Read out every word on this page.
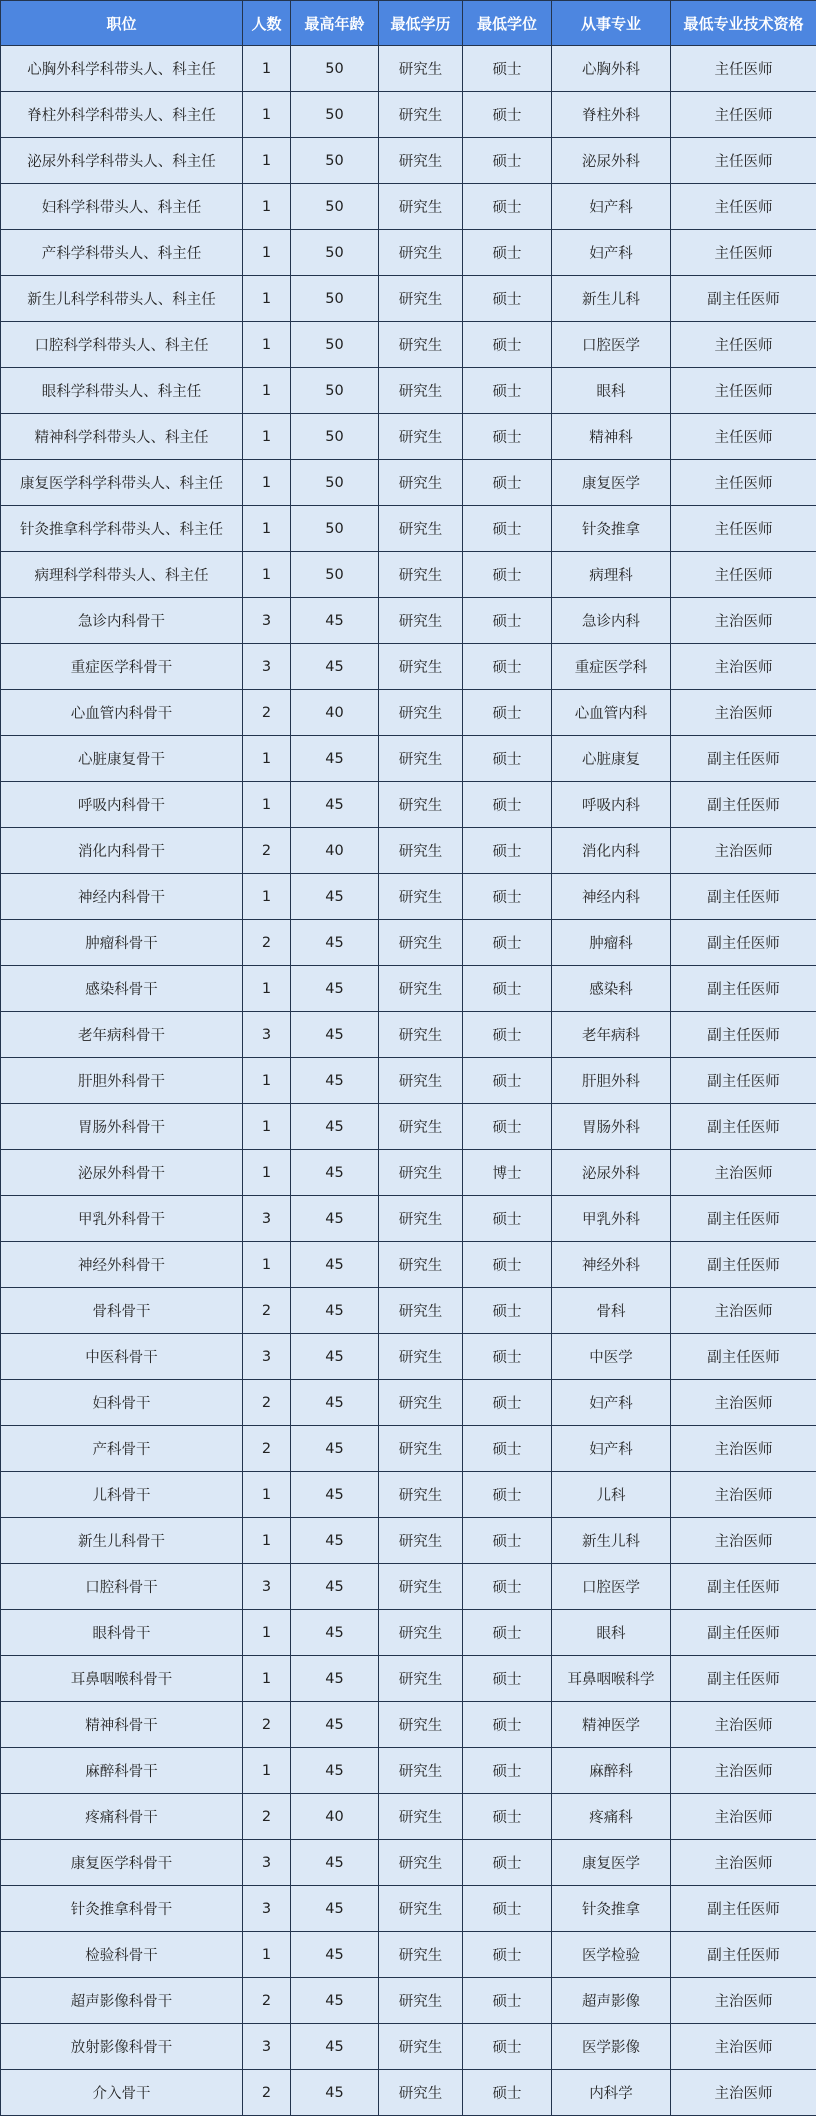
职位	人数	最高年龄	最低学历	最低学位	从事专业	最低专业技术资格
心胸外科学科带头人、科主任	1	50	研究生	硕士	心胸外科	主任医师
脊柱外科学科带头人、科主任	1	50	研究生	硕士	脊柱外科	主任医师
泌尿外科学科带头人、科主任	1	50	研究生	硕士	泌尿外科	主任医师
妇科学科带头人、科主任	1	50	研究生	硕士	妇产科	主任医师
产科学科带头人、科主任	1	50	研究生	硕士	妇产科	主任医师
新生儿科学科带头人、科主任	1	50	研究生	硕士	新生儿科	副主任医师
口腔科学科带头人、科主任	1	50	研究生	硕士	口腔医学	主任医师
眼科学科带头人、科主任	1	50	研究生	硕士	眼科	主任医师
精神科学科带头人、科主任	1	50	研究生	硕士	精神科	主任医师
康复医学科学科带头人、科主任	1	50	研究生	硕士	康复医学	主任医师
针灸推拿科学科带头人、科主任	1	50	研究生	硕士	针灸推拿	主任医师
病理科学科带头人、科主任	1	50	研究生	硕士	病理科	主任医师
急诊内科骨干	3	45	研究生	硕士	急诊内科	主治医师
重症医学科骨干	3	45	研究生	硕士	重症医学科	主治医师
心血管内科骨干	2	40	研究生	硕士	心血管内科	主治医师
心脏康复骨干	1	45	研究生	硕士	心脏康复	副主任医师
呼吸内科骨干	1	45	研究生	硕士	呼吸内科	副主任医师
消化内科骨干	2	40	研究生	硕士	消化内科	主治医师
神经内科骨干	1	45	研究生	硕士	神经内科	副主任医师
肿瘤科骨干	2	45	研究生	硕士	肿瘤科	副主任医师
感染科骨干	1	45	研究生	硕士	感染科	副主任医师
老年病科骨干	3	45	研究生	硕士	老年病科	副主任医师
肝胆外科骨干	1	45	研究生	硕士	肝胆外科	副主任医师
胃肠外科骨干	1	45	研究生	硕士	胃肠外科	副主任医师
泌尿外科骨干	1	45	研究生	博士	泌尿外科	主治医师
甲乳外科骨干	3	45	研究生	硕士	甲乳外科	副主任医师
神经外科骨干	1	45	研究生	硕士	神经外科	副主任医师
骨科骨干	2	45	研究生	硕士	骨科	主治医师
中医科骨干	3	45	研究生	硕士	中医学	副主任医师
妇科骨干	2	45	研究生	硕士	妇产科	主治医师
产科骨干	2	45	研究生	硕士	妇产科	主治医师
儿科骨干	1	45	研究生	硕士	儿科	主治医师
新生儿科骨干	1	45	研究生	硕士	新生儿科	主治医师
口腔科骨干	3	45	研究生	硕士	口腔医学	副主任医师
眼科骨干	1	45	研究生	硕士	眼科	副主任医师
耳鼻咽喉科骨干	1	45	研究生	硕士	耳鼻咽喉科学	副主任医师
精神科骨干	2	45	研究生	硕士	精神医学	主治医师
麻醉科骨干	1	45	研究生	硕士	麻醉科	主治医师
疼痛科骨干	2	40	研究生	硕士	疼痛科	主治医师
康复医学科骨干	3	45	研究生	硕士	康复医学	主治医师
针灸推拿科骨干	3	45	研究生	硕士	针灸推拿	副主任医师
检验科骨干	1	45	研究生	硕士	医学检验	副主任医师
超声影像科骨干	2	45	研究生	硕士	超声影像	主治医师
放射影像科骨干	3	45	研究生	硕士	医学影像	主治医师
介入骨干	2	45	研究生	硕士	内科学	主治医师
